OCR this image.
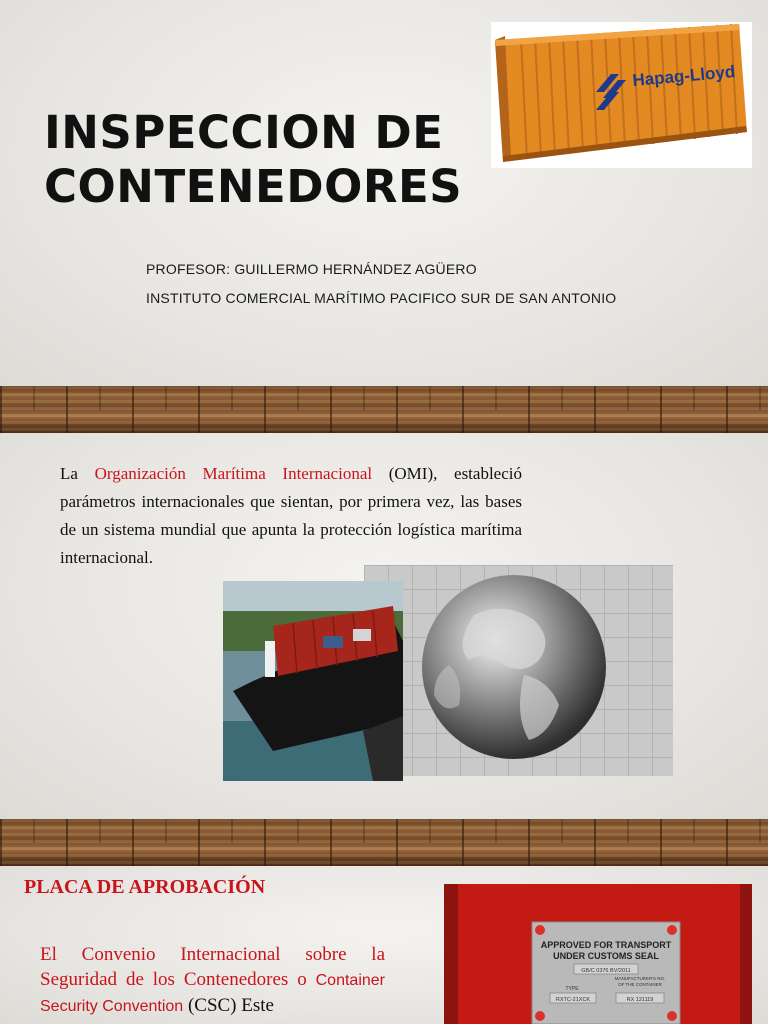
INSPECCION DE
CONTENEDORES
PROFESOR: GUILLERMO HERNÁNDEZ AGÜERO
INSTITUTO COMERCIAL MARÍTIMO PACIFICO SUR DE SAN ANTONIO
Hapag-Lloyd

La Organización Marítima Internacional (OMI), estableció parámetros internacionales que sientan, por primera vez, las bases de un sistema mundial que apunta la protección logística marítima internacional.

PLACA DE APROBACIÓN

El Convenio Internacional sobre la Seguridad de los Contenedores o Container Security Convention (CSC) Este

APPROVED FOR TRANSPORT
UNDER CUSTOMS SEAL
GB/C 0376 BV/2011
TYPE
MANUFACTURER'S NO.
OF THE CONTAINER
RXTC-21XCK	RX 121119
